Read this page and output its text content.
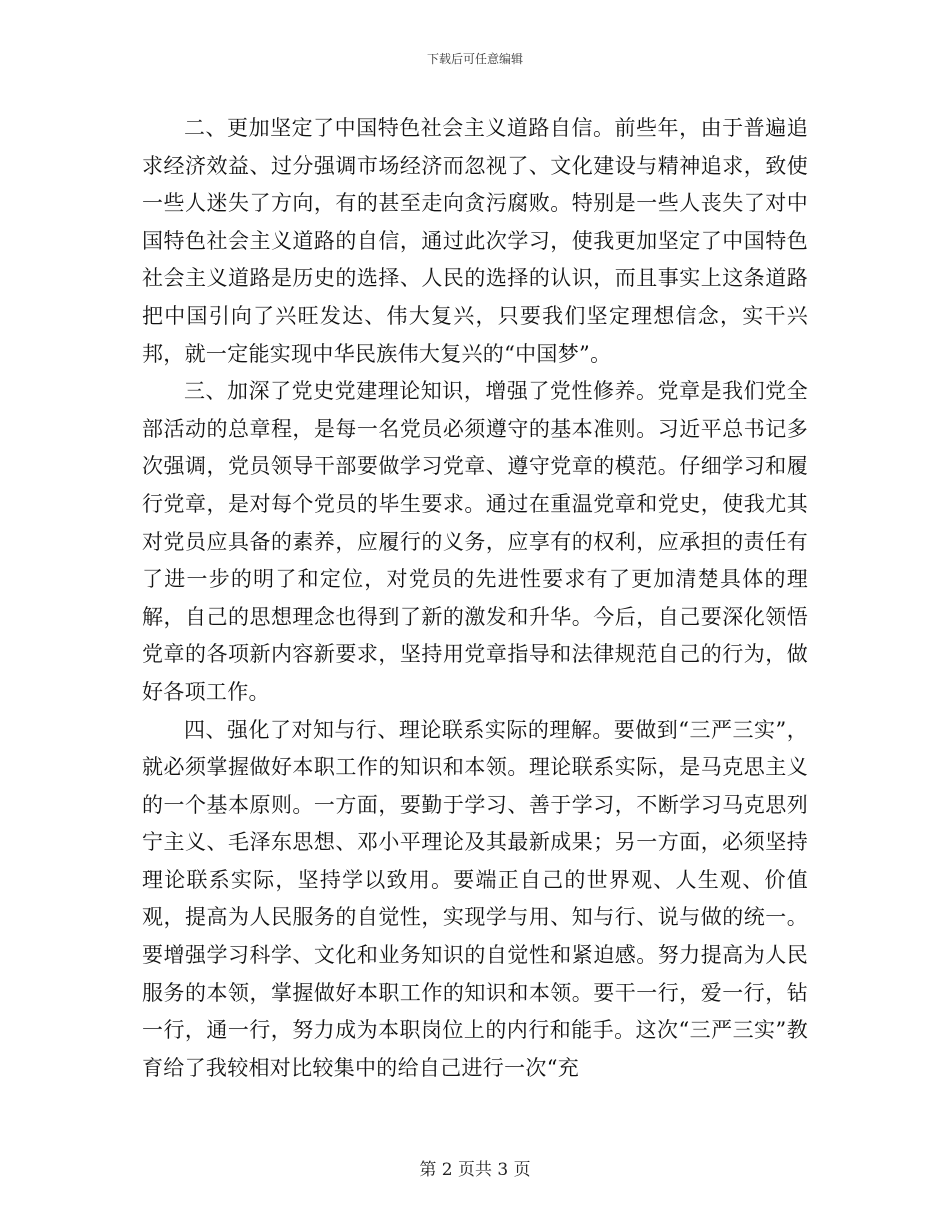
下载后可任意编辑

二、更加坚定了中国特色社会主义道路自信。前些年，由于普遍追求经济效益、过分强调市场经济而忽视了、文化建设与精神追求，致使一些人迷失了方向，有的甚至走向贪污腐败。特别是一些人丧失了对中国特色社会主义道路的自信，通过此次学习，使我更加坚定了中国特色社会主义道路是历史的选择、人民的选择的认识，而且事实上这条道路把中国引向了兴旺发达、伟大复兴，只要我们坚定理想信念，实干兴邦，就一定能实现中华民族伟大复兴的“中国梦”。

三、加深了党史党建理论知识，增强了党性修养。党章是我们党全部活动的总章程，是每一名党员必须遵守的基本准则。习近平总书记多次强调，党员领导干部要做学习党章、遵守党章的模范。仔细学习和履行党章，是对每个党员的毕生要求。通过在重温党章和党史，使我尤其对党员应具备的素养，应履行的义务，应享有的权利，应承担的责任有了进一步的明了和定位，对党员的先进性要求有了更加清楚具体的理解，自己的思想理念也得到了新的激发和升华。今后，自己要深化领悟党章的各项新内容新要求，坚持用党章指导和法律规范自己的行为，做好各项工作。

四、强化了对知与行、理论联系实际的理解。要做到“三严三实”，就必须掌握做好本职工作的知识和本领。理论联系实际，是马克思主义的一个基本原则。一方面，要勤于学习、善于学习，不断学习马克思列宁主义、毛泽东思想、邓小平理论及其最新成果；另一方面，必须坚持理论联系实际，坚持学以致用。要端正自己的世界观、人生观、价值观，提高为人民服务的自觉性，实现学与用、知与行、说与做的统一。要增强学习科学、文化和业务知识的自觉性和紧迫感。努力提高为人民服务的本领，掌握做好本职工作的知识和本领。要干一行，爱一行，钻一行，通一行，努力成为本职岗位上的内行和能手。这次“三严三实”教育给了我较相对比较集中的给自己进行一次“充

第 2 页共 3 页
